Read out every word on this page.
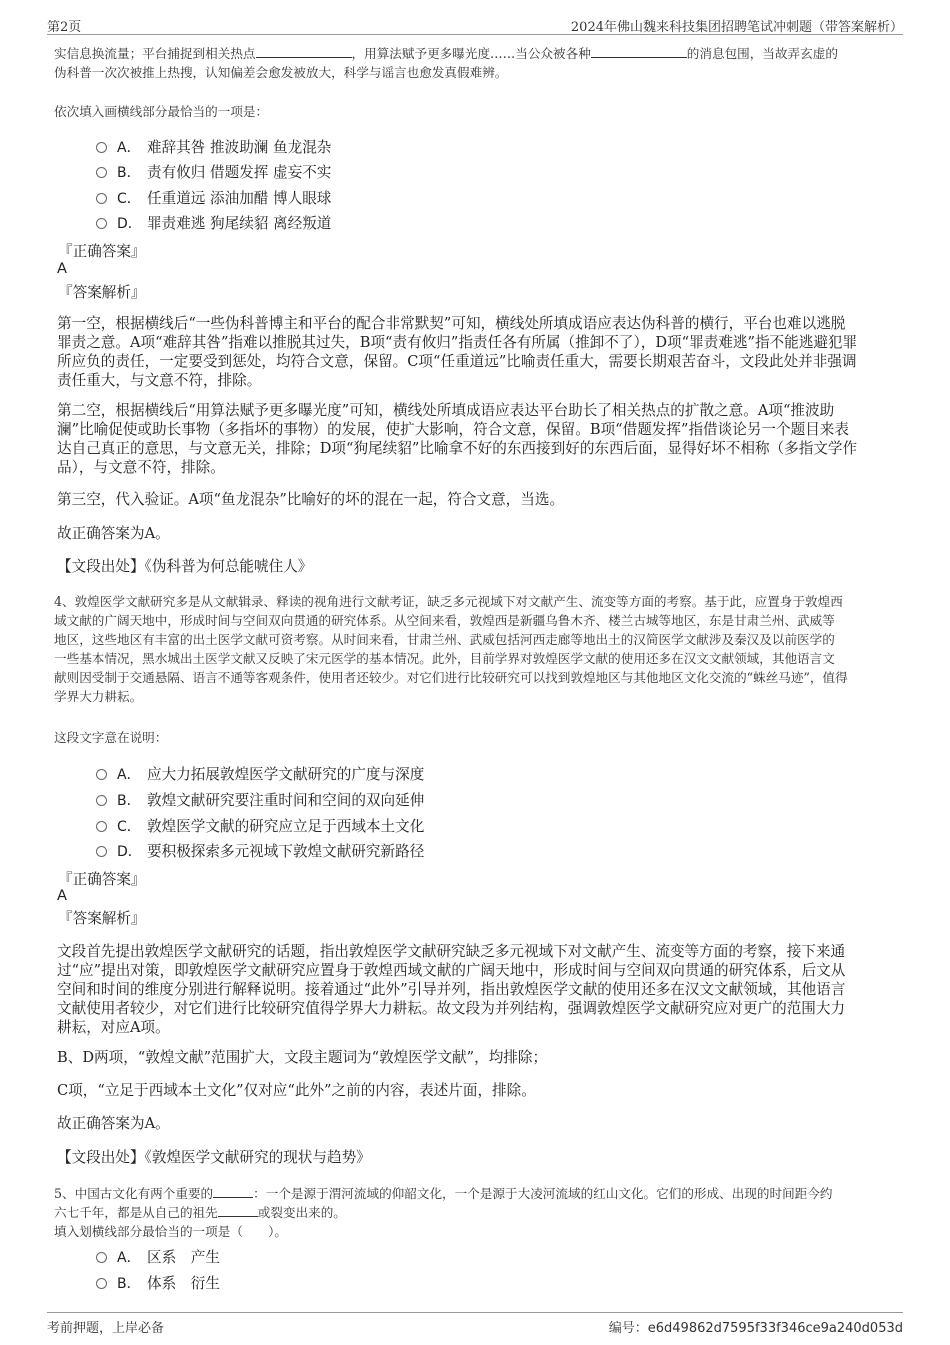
第2页	2024年佛山魏来科技集团招聘笔试冲刺题（带答案解析）
实信息换流量；平台捕捉到相关热点	，用算法赋予更多曝光度……当公众被各种	的消息包围，当故弄玄虚的
伪科普一次次被推上热搜，认知偏差会愈发被放大，科学与谣言也愈发真假难辨。
依次填入画横线部分最恰当的一项是：
A． 难辞其咎 推波助澜 鱼龙混杂
B． 责有攸归 借题发挥 虚妄不实
C． 任重道远 添油加醋 博人眼球
D． 罪责难逃 狗尾续貂 离经叛道
『正确答案』
A
『答案解析』
第一空，根据横线后“一些伪科普博主和平台的配合非常默契”可知，横线处所填成语应表达伪科普的横行，平台也难以逃脱
罪责之意。A项“难辞其咎”指难以推脱其过失，B项“责有攸归”指责任各有所属（推卸不了），D项“罪责难逃”指不能逃避犯罪
所应负的责任，一定要受到惩处，均符合文意，保留。C项“任重道远”比喻责任重大，需要长期艰苦奋斗，文段此处并非强调
责任重大，与文意不符，排除。
第二空，根据横线后“用算法赋予更多曝光度”可知，横线处所填成语应表达平台助长了相关热点的扩散之意。A项“推波助
澜”比喻促使或助长事物（多指坏的事物）的发展，使扩大影响，符合文意，保留。B项“借题发挥”指借谈论另一个题目来表
达自己真正的意思，与文意无关，排除；D项“狗尾续貂”比喻拿不好的东西接到好的东西后面，显得好坏不相称（多指文学作
品），与文意不符，排除。
第三空，代入验证。A项“鱼龙混杂”比喻好的坏的混在一起，符合文意，当选。
故正确答案为A。
【文段出处】《伪科普为何总能唬住人》
4、敦煌医学文献研究多是从文献辑录、释读的视角进行文献考证，缺乏多元视域下对文献产生、流变等方面的考察。基于此，应置身于敦煌西
域文献的广阔天地中，形成时间与空间双向贯通的研究体系。从空间来看，敦煌西是新疆乌鲁木齐、楼兰古城等地区，东是甘肃兰州、武威等
地区，这些地区有丰富的出土医学文献可资考察。从时间来看，甘肃兰州、武威包括河西走廊等地出土的汉简医学文献涉及秦汉及以前医学的
一些基本情况，黑水城出土医学文献又反映了宋元医学的基本情况。此外，目前学界对敦煌医学文献的使用还多在汉文文献领域，其他语言文
献则因受制于交通悬隔、语言不通等客观条件，使用者还较少。对它们进行比较研究可以找到敦煌地区与其他地区文化交流的“蛛丝马迹”，值得
学界大力耕耘。
这段文字意在说明：
A． 应大力拓展敦煌医学文献研究的广度与深度
B． 敦煌文献研究要注重时间和空间的双向延伸
C． 敦煌医学文献的研究应立足于西域本土文化
D． 要积极探索多元视域下敦煌文献研究新路径
『正确答案』
A
『答案解析』
文段首先提出敦煌医学文献研究的话题，指出敦煌医学文献研究缺乏多元视域下对文献产生、流变等方面的考察，接下来通
过“应”提出对策，即敦煌医学文献研究应置身于敦煌西域文献的广阔天地中，形成时间与空间双向贯通的研究体系，后文从
空间和时间的维度分别进行解释说明。接着通过“此外”引导并列，指出敦煌医学文献的使用还多在汉文文献领域，其他语言
文献使用者较少，对它们进行比较研究值得学界大力耕耘。故文段为并列结构，强调敦煌医学文献研究应对更广的范围大力
耕耘，对应A项。
B、D两项，“敦煌文献”范围扩大，文段主题词为“敦煌医学文献”，均排除；
C项，“立足于西域本土文化”仅对应“此外”之前的内容，表述片面，排除。
故正确答案为A。
【文段出处】《敦煌医学文献研究的现状与趋势》
5、中国古文化有两个重要的	：一个是源于渭河流域的仰韶文化，一个是源于大凌河流域的红山文化。它们的形成、出现的时间距今约
六七千年，都是从自己的祖先	或裂变出来的。
填入划横线部分最恰当的一项是（　　）。
A． 区系　产生
B． 体系　衍生
考前押题，上岸必备	编号：e6d49862d7595f33f346ce9a240d053d
